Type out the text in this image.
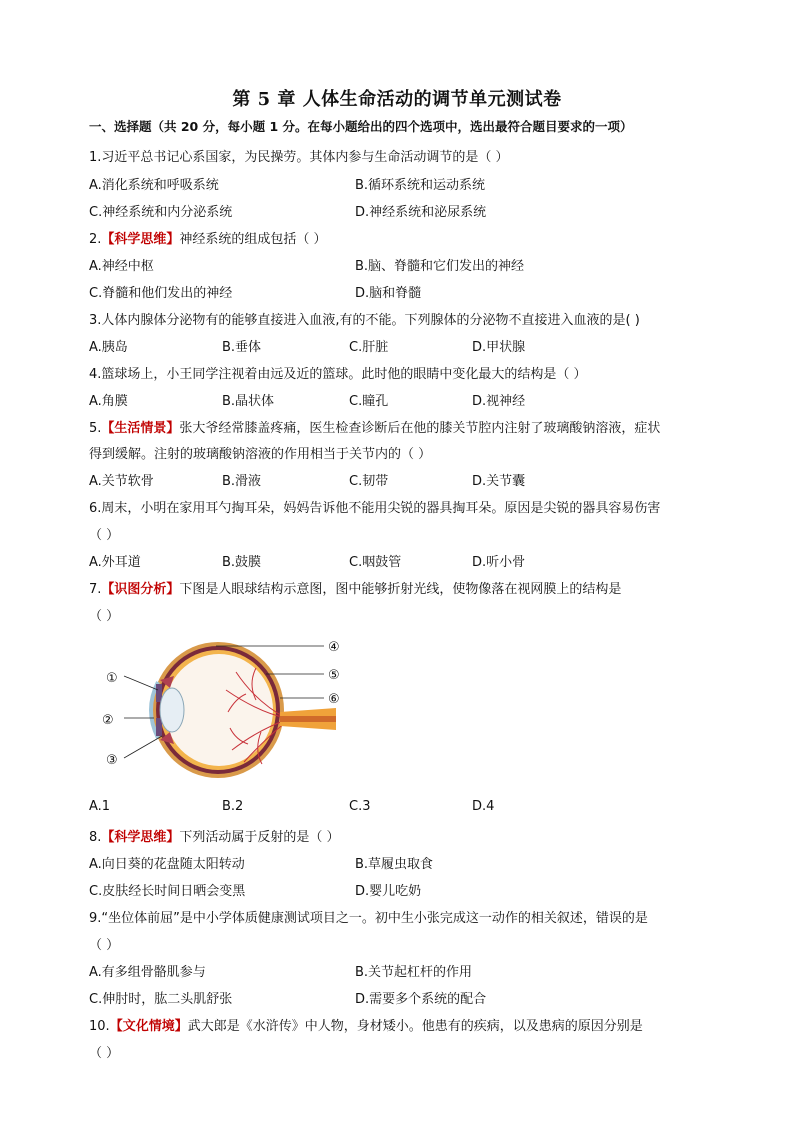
第 5 章 人体生命活动的调节单元测试卷
一、选择题（共 20 分，每小题 1 分。在每小题给出的四个选项中，选出最符合题目要求的一项）
1.习近平总书记心系国家，为民操劳。其体内参与生命活动调节的是（ ）
A.消化系统和呼吸系统	B.循环系统和运动系统
C.神经系统和内分泌系统	D.神经系统和泌尿系统
2.【科学思维】神经系统的组成包括（ ）
A.神经中枢	B.脑、脊髓和它们发出的神经
C.脊髓和他们发出的神经	D.脑和脊髓
3.人体内腺体分泌物有的能够直接进入血液,有的不能。下列腺体的分泌物不直接进入血液的是( )
A.胰岛	B.垂体	C.肝脏	D.甲状腺
4.篮球场上，小王同学注视着由远及近的篮球。此时他的眼睛中变化最大的结构是（ ）
A.角膜	B.晶状体	C.瞳孔	D.视神经
5.【生活情景】张大爷经常膝盖疼痛，医生检查诊断后在他的膝关节腔内注射了玻璃酸钠溶液，症状
得到缓解。注射的玻璃酸钠溶液的作用相当于关节内的（ ）
A.关节软骨	B.滑液	C.韧带	D.关节囊
6.周末，小明在家用耳勺掏耳朵，妈妈告诉他不能用尖锐的器具掏耳朵。原因是尖锐的器具容易伤害
（ ）
A.外耳道	B.鼓膜	C.咽鼓管	D.听小骨
7.【识图分析】下图是人眼球结构示意图，图中能够折射光线，使物像落在视网膜上的结构是
（ ）
①
②
③
④
⑤
⑥
A.1	B.2	C.3	D.4
8.【科学思维】下列活动属于反射的是（ ）
A.向日葵的花盘随太阳转动	B.草履虫取食
C.皮肤经长时间日晒会变黑	D.婴儿吃奶
9.“坐位体前屈”是中小学体质健康测试项目之一。初中生小张完成这一动作的相关叙述，错误的是
（ ）
A.有多组骨骼肌参与	B.关节起杠杆的作用
C.伸肘时，肱二头肌舒张	D.需要多个系统的配合
10.【文化情境】武大郎是《水浒传》中人物，身材矮小。他患有的疾病，以及患病的原因分别是
（ ）
